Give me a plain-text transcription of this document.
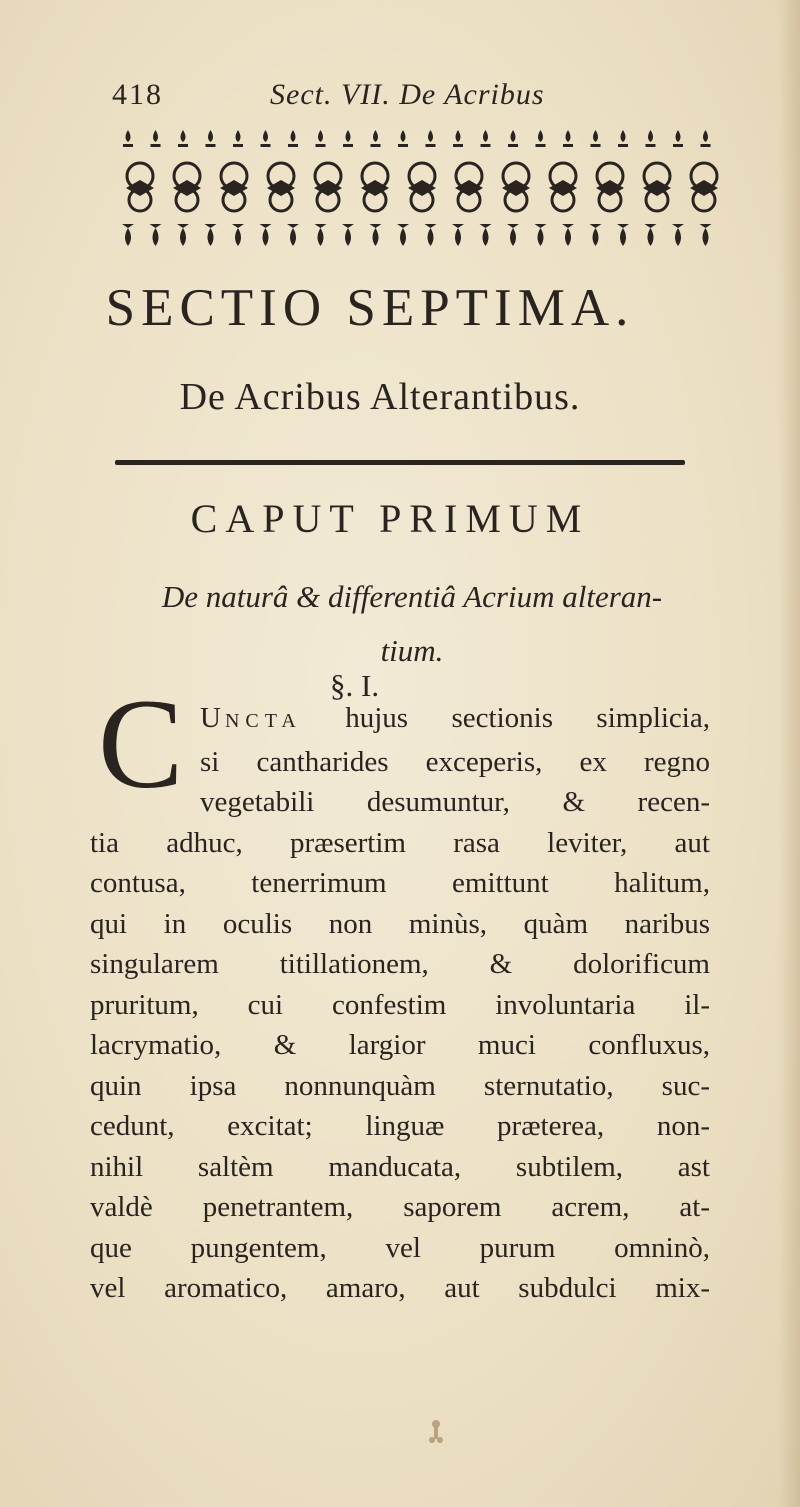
418	Sect. VII. De Acribus
SECTIO SEPTIMA.
De Acribus Alterantibus.
CAPUT PRIMUM
De naturâ & differentiâ Acrium alteran-
tium.
§. I.
C U NCTA hujus sectionis simplicia,
si cantharides exceperis, ex regno
vegetabili desumuntur, & recen-
tia adhuc, præsertim rasa leviter, aut
contusa, tenerrimum emittunt halitum,
qui in oculis non minùs, quàm naribus
singularem titillationem, & dolorificum
pruritum, cui confestim involuntaria il-
lacrymatio, & largior muci confluxus,
quin ipsa nonnunquàm sternutatio, suc-
cedunt, excitat; linguæ præterea, non-
nihil saltèm manducata, subtilem, ast
valdè penetrantem, saporem acrem, at-
que pungentem, vel purum omninò,
vel aromatico, amaro, aut subdulci mix-
